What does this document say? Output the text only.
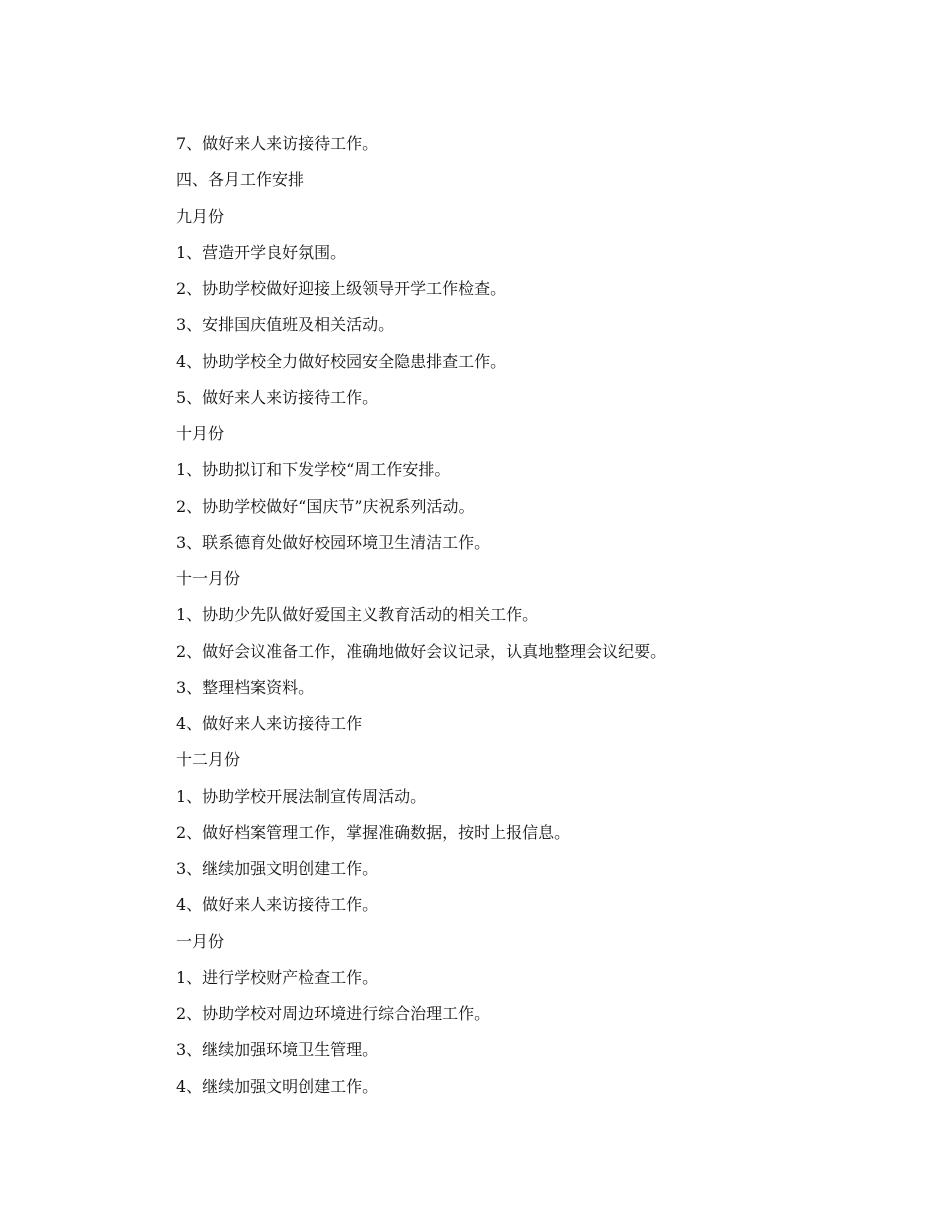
7、做好来人来访接待工作。

四、各月工作安排

九月份

1、营造开学良好氛围。

2、协助学校做好迎接上级领导开学工作检查。

3、安排国庆值班及相关活动。

4、协助学校全力做好校园安全隐患排查工作。

5、做好来人来访接待工作。

十月份

1、协助拟订和下发学校“周工作安排。

2、协助学校做好“国庆节”庆祝系列活动。

3、联系德育处做好校园环境卫生清洁工作。

十一月份

1、协助少先队做好爱国主义教育活动的相关工作。

2、做好会议准备工作，准确地做好会议记录，认真地整理会议纪要。

3、整理档案资料。

4、做好来人来访接待工作

十二月份

1、协助学校开展法制宣传周活动。

2、做好档案管理工作，掌握准确数据，按时上报信息。

3、继续加强文明创建工作。

4、做好来人来访接待工作。

一月份

1、进行学校财产检查工作。

2、协助学校对周边环境进行综合治理工作。

3、继续加强环境卫生管理。

4、继续加强文明创建工作。
